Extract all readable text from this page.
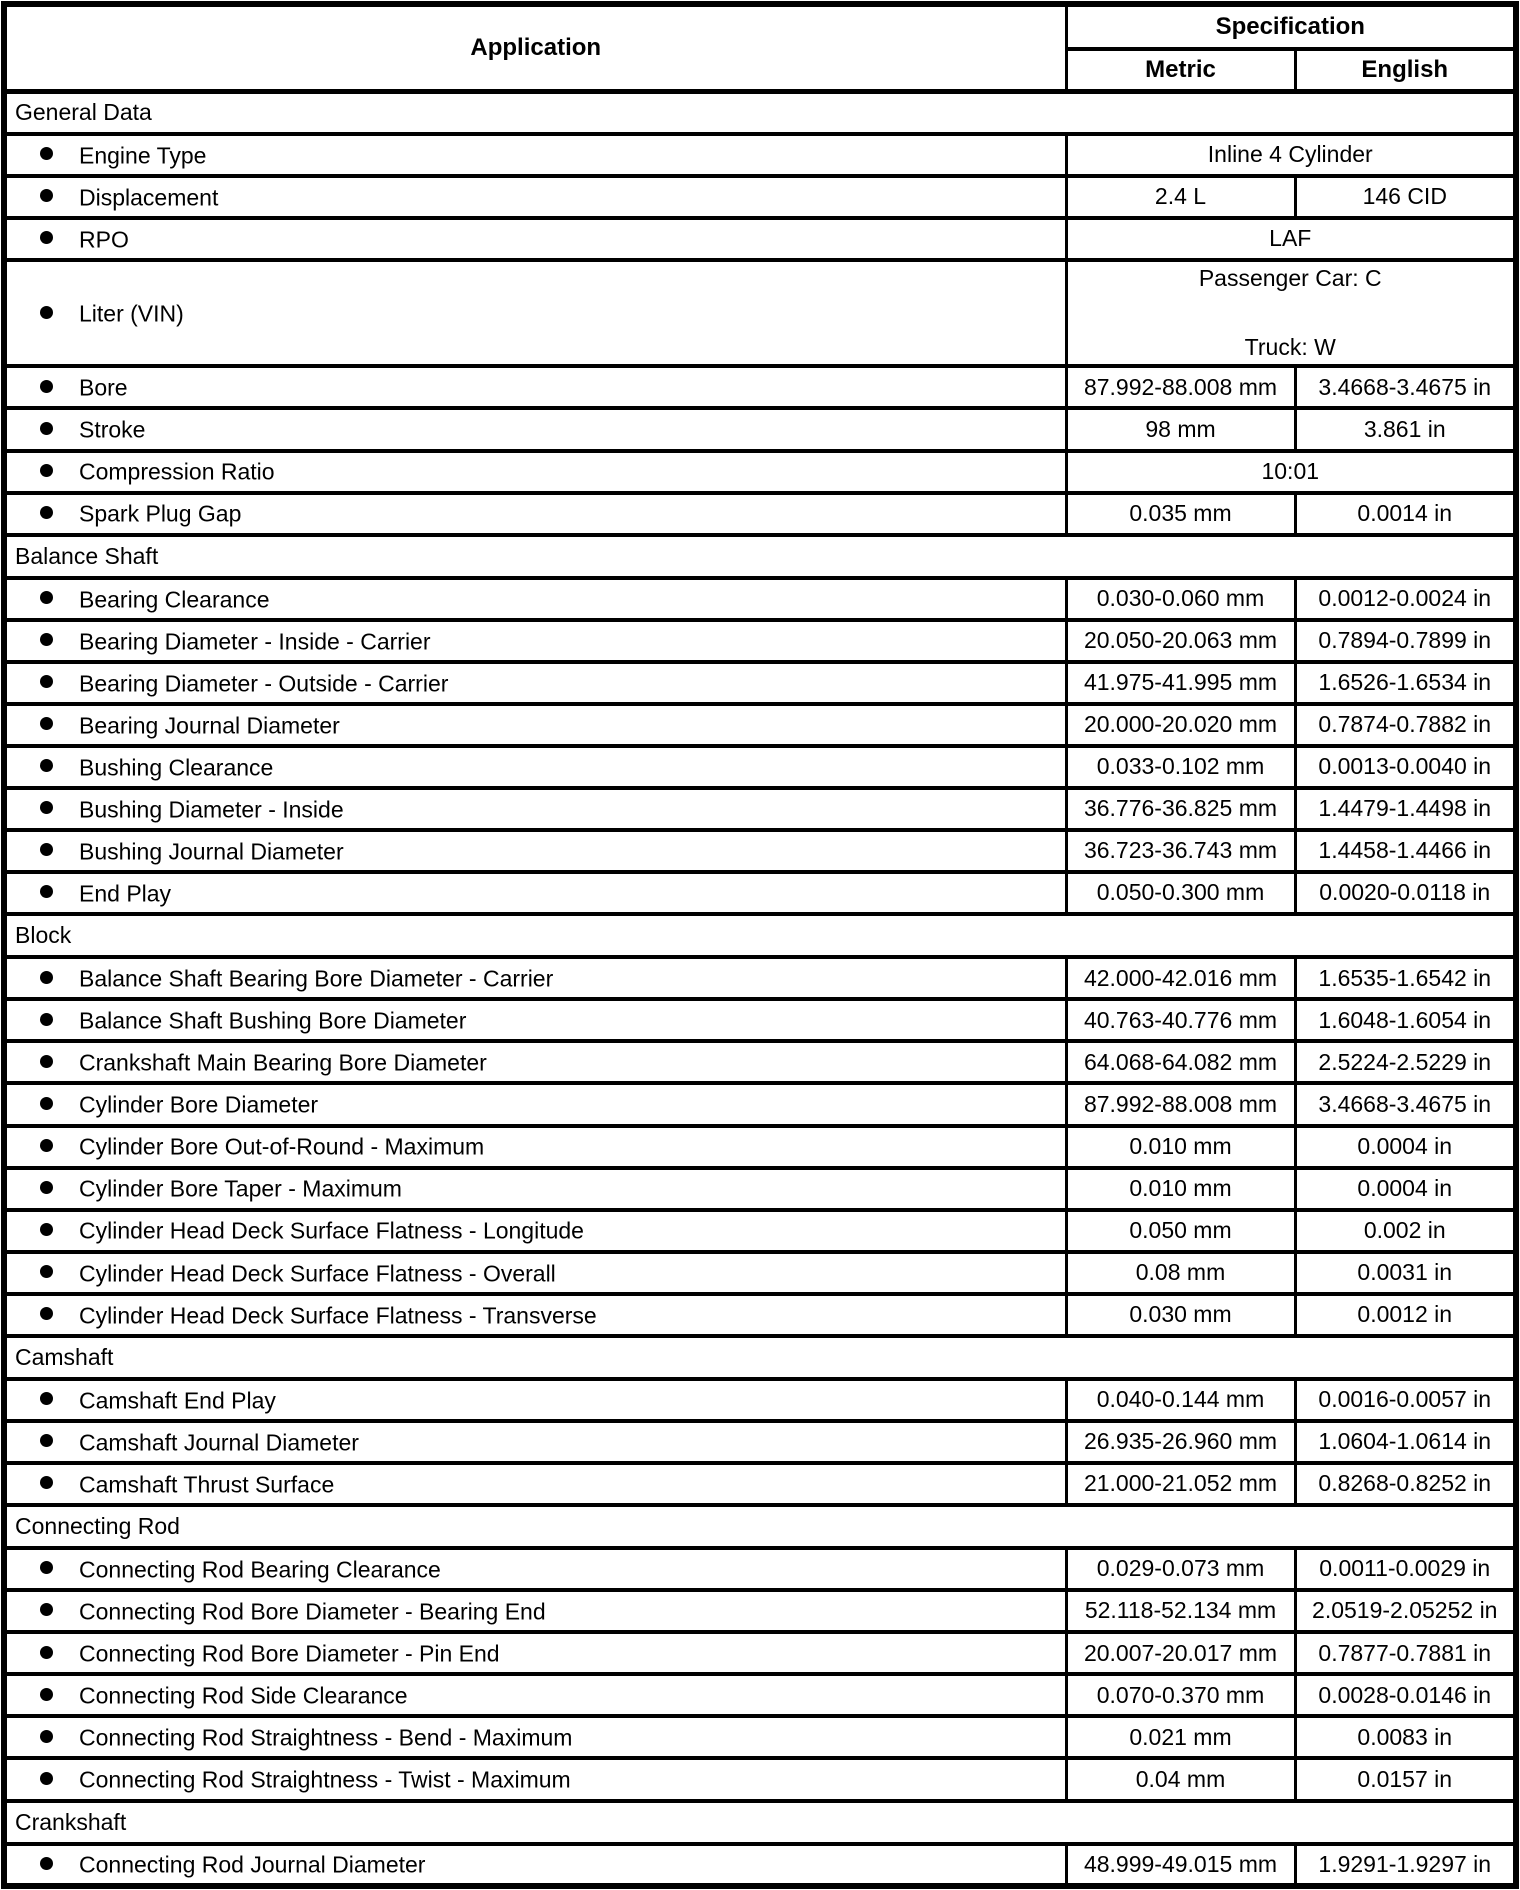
Application	Specification	
	Metric	English
General Data		
Engine Type	Inline 4 Cylinder	
Displacement	2.4 L	146 CID
RPO	LAF	
Liter (VIN)	Passenger Car: C
Truck: W	

Bore	87.992-88.008 mm	3.4668-3.4675 in
Stroke	98 mm	3.861 in
Compression Ratio	10:01	
Spark Plug Gap	0.035 mm	0.0014 in
Balance Shaft		
Bearing Clearance	0.030-0.060 mm	0.0012-0.0024 in
Bearing Diameter - Inside - Carrier	20.050-20.063 mm	0.7894-0.7899 in
Bearing Diameter - Outside - Carrier	41.975-41.995 mm	1.6526-1.6534 in
Bearing Journal Diameter	20.000-20.020 mm	0.7874-0.7882 in
Bushing Clearance	0.033-0.102 mm	0.0013-0.0040 in
Bushing Diameter - Inside	36.776-36.825 mm	1.4479-1.4498 in
Bushing Journal Diameter	36.723-36.743 mm	1.4458-1.4466 in
End Play	0.050-0.300 mm	0.0020-0.0118 in
Block		
Balance Shaft Bearing Bore Diameter - Carrier	42.000-42.016 mm	1.6535-1.6542 in
Balance Shaft Bushing Bore Diameter	40.763-40.776 mm	1.6048-1.6054 in
Crankshaft Main Bearing Bore Diameter	64.068-64.082 mm	2.5224-2.5229 in
Cylinder Bore Diameter	87.992-88.008 mm	3.4668-3.4675 in
Cylinder Bore Out-of-Round - Maximum	0.010 mm	0.0004 in
Cylinder Bore Taper - Maximum	0.010 mm	0.0004 in
Cylinder Head Deck Surface Flatness - Longitude	0.050 mm	0.002 in
Cylinder Head Deck Surface Flatness - Overall	0.08 mm	0.0031 in
Cylinder Head Deck Surface Flatness - Transverse	0.030 mm	0.0012 in
Camshaft		
Camshaft End Play	0.040-0.144 mm	0.0016-0.0057 in
Camshaft Journal Diameter	26.935-26.960 mm	1.0604-1.0614 in
Camshaft Thrust Surface	21.000-21.052 mm	0.8268-0.8252 in
Connecting Rod		
Connecting Rod Bearing Clearance	0.029-0.073 mm	0.0011-0.0029 in
Connecting Rod Bore Diameter - Bearing End	52.118-52.134 mm	2.0519-2.05252 in
Connecting Rod Bore Diameter - Pin End	20.007-20.017 mm	0.7877-0.7881 in
Connecting Rod Side Clearance	0.070-0.370 mm	0.0028-0.0146 in
Connecting Rod Straightness - Bend - Maximum	0.021 mm	0.0083 in
Connecting Rod Straightness - Twist - Maximum	0.04 mm	0.0157 in
Crankshaft		
Connecting Rod Journal Diameter	48.999-49.015 mm	1.9291-1.9297 in
